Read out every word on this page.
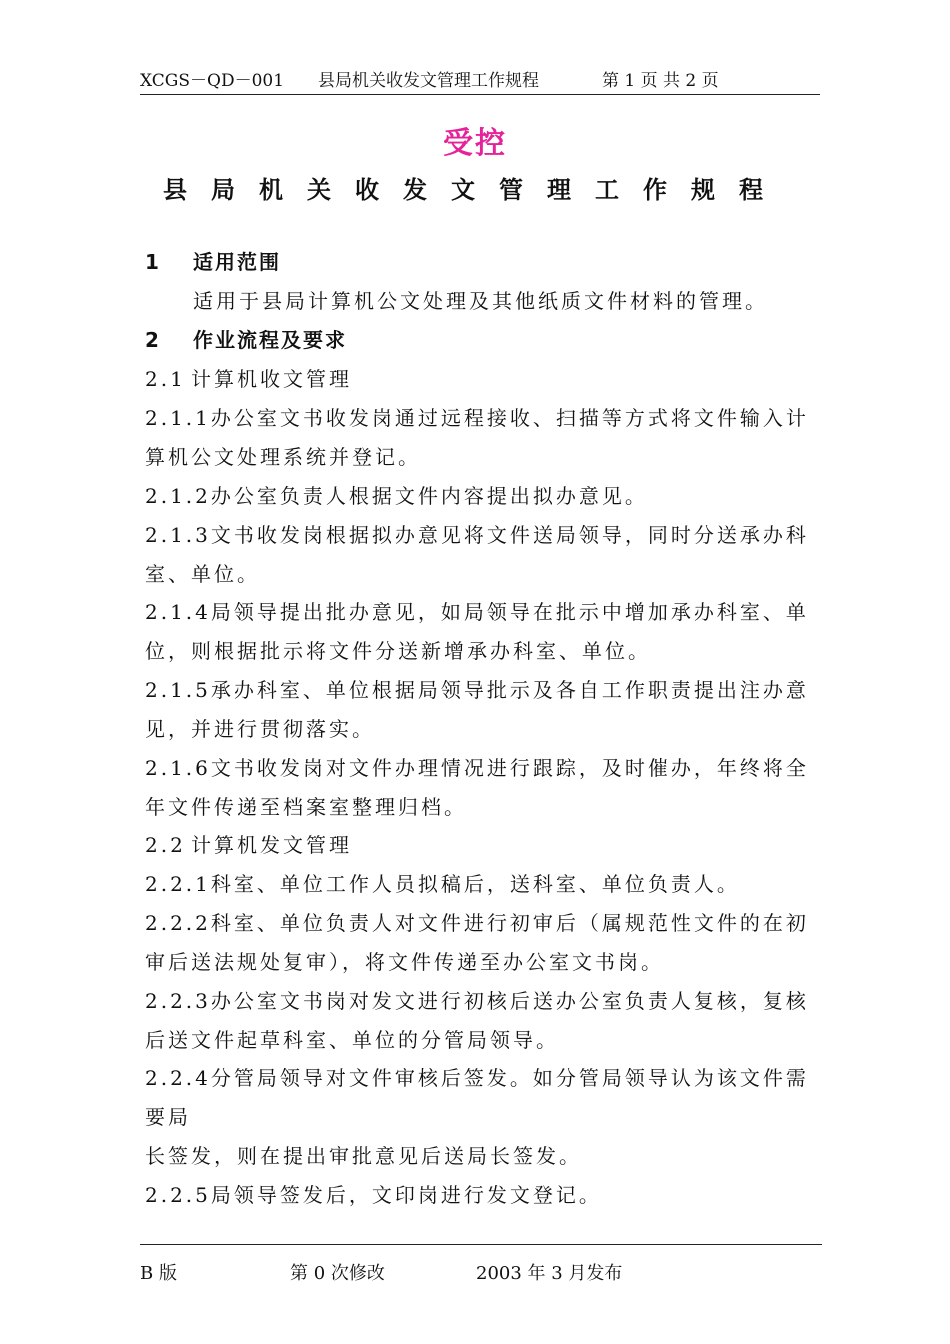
XCGS－QD－001 县局机关收发文管理工作规程	第 1 页 共 2 页
受控
县局机关收发文管理工作规程
1 适用范围
适用于县局计算机公文处理及其他纸质文件材料的管理。
2 作业流程及要求
2.1 计算机收文管理
2.1.1办公室文书收发岗通过远程接收、扫描等方式将文件输入计
算机公文处理系统并登记。
2.1.2办公室负责人根据文件内容提出拟办意见。
2.1.3文书收发岗根据拟办意见将文件送局领导，同时分送承办科
室、单位。
2.1.4局领导提出批办意见，如局领导在批示中增加承办科室、单
位，则根据批示将文件分送新增承办科室、单位。
2.1.5承办科室、单位根据局领导批示及各自工作职责提出注办意
见，并进行贯彻落实。
2.1.6文书收发岗对文件办理情况进行跟踪，及时催办，年终将全
年文件传递至档案室整理归档。
2.2 计算机发文管理
2.2.1科室、单位工作人员拟稿后，送科室、单位负责人。
2.2.2科室、单位负责人对文件进行初审后（属规范性文件的在初
审后送法规处复审），将文件传递至办公室文书岗。
2.2.3办公室文书岗对发文进行初核后送办公室负责人复核，复核
后送文件起草科室、单位的分管局领导。
2.2.4分管局领导对文件审核后签发。如分管局领导认为该文件需
要局
长签发，则在提出审批意见后送局长签发。
2.2.5局领导签发后，文印岗进行发文登记。
B 版	第 0 次修改	2003 年 3 月发布
